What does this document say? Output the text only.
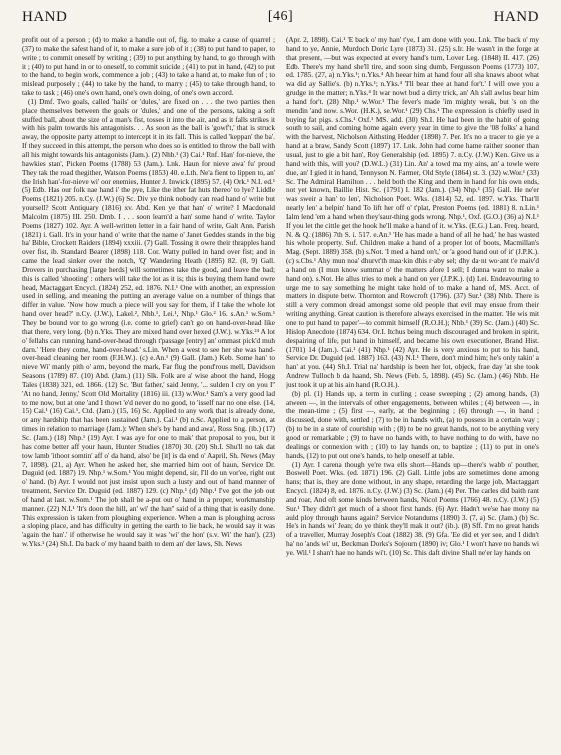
HAND	[46]	HAND

profit out of a person ; (d) to make a handle out of, fig. to make a cause of quarrel ; (37) to make the safest hand of it, to make a sure job of it ; (38) to put hand to paper, to write ; to commit oneself by writing ; (39) to put anything by hand, to go through with it ; (40) to put hand in or to oneself, to commit suicide ; (41) to put in hand, (42) to put to the hand, to begin work, commence a job ; (43) to take a hand at, to make fun of ; to mislead purposely ; (44) to take by the hand, to marry ; (45) to take through hand, to take to task ; (46) one's own hand, one's own doing, of one's own accord.

(1) Dmf. Two goals, called 'hails' or 'dules,' are fixed on . . . the two parties then place themselves between the goals or 'dules,' and one of the persons, taking a soft stuffed ball, about the size of a man's fist, tosses it into the air, and as it falls strikes it with his palm towards his antagonists. . . As soon as the ball is 'gowf't,' that is struck away, the opposite party attempt to intercept it in its fall. This is called 'keppan' the ba'. If they succeed in this attempt, the person who does so is entitled to throw the ball with all his might towards his antagonists (Jam.). (2) Nhb.¹ (3) Cai.¹ Rnf. Han' for-nieve, the hawkies stan', Picken Poems (1788) 53 (Jam.). Lnk. Haun for nieve awa' fu' proud They tak the road thegither, Watson Poems (1853) 40. e.Lth. Ne'a fient to lippen to, an' the Irish han'-for-nieve wi' oor enemies, Hunter J. Inwick (1895) 57. (4) Ork.¹ N.I. ed.¹ (5) Edb. Has our folk nae hand i' the pye, Like the ither fat huts thereo' to lye? Liddle Poems (1821) 205. n.Cy. (J.W.) (6) Sc. Div ye think nobody can read hand o' write but yoursell? Scott Antiquary (1816) xv. Abd. Ken ye that han' o' write? I Macdonald Malcolm (1875) III. 250. Dmb. I . . . soon learn'd a han' some hand o' write. Taylor Poems (1827) 102. Ayr. A well-written letter in a fair hand of write, Galt Ann. Parish (1821) i. Gall. It's in your hand o' write that the name o' Janet Geddes stands in the big ha' Bible, Crockett Raiders (1894) xxxiii. (7) Gall. Tossing it owre their thrapples hand over fist, ib. Standard Bearer (1898) 118. Cor. Watty pulled in hand over fist; and in came the lead sinker over the notch, 'Q' Wandering Heath (1895) 82. (8, 9) Gall. Drovers in purchasing [large herds] will sometimes take the good, and leave the bad; this is called 'shooting' : others will take the lot as it is; this is buying them hand owre head, Mactaggart Encycl. (1824) 252, ed. 1876. N.I.¹ One with another, an expression used in selling, and meaning the putting an average value on a number of things that differ in value. 'Now how much a piece will you say for them, if I take the whole lot hand over head?' n.Cy. (J.W.), Lakel.², Nhb.¹, Lei.¹, Nhp.¹ Glo.² 16. s.An.¹ w.Som.¹ They be bound vor to go wrong (i.e. come to grief) can't go on hand-over-head like that there, very long. (b) n.Yks. They are mixed hand over hexed (J.W.). w.Yks.²⁴ A lot o' fellahs can running hand-over-head through t'passage [entry] an' ommast pick'd muh darn.' 'Here they come, hand-over-head.' s.Lin. When a west to see her she was hand-over-head cleaning her room (F.H.W.). (c) e.An.¹ (9) Gall. (Jam.) Keb. Some han' to nieve Wi' manly pith o' arm, beyond the mark, Far flug the pond'rous mell, Davidson Seasons (1789) 87. (10) Abd. (Jam.) (11) Slk. Folk are a' wise aboot the hand, Hogg Tales (1838) 321, ed. 1866. (12) Sc. 'But father,' said Jenny, '... sulden I cry on you I'' 'At no hand, Jenny,' Scott Old Mortality (1816) iii. (13) w.Wor.¹ Sam's a very good lad to me now, but at one 'and I thowt 'e'd never do no good, to 'isself nar no one else. (14, 15) Cai.¹ (16) Cai.¹, Ctd. (Jam.) (15, 16) Sc. Applied to any work that is already done, or any hardship that has been sustained (Jam.). Cai.¹ (b) n.Sc. Applied to a person, at times in relation to marriage (Jam.): When she's by hand and awa', Ross Sng. (ib.) (17) Sc. (Jam.) (18) Nhp.¹ (19) Ayr. I was aye for one to mak' that proposal to you, but it has come better aff your haun, Hunter Studies (1870) 30. (20) Sh.I. Shu'll no tak dat tow lamb 'ithoot somtin' aff o' da hand, also' be [it] is da end o' Aapril, Sh. News (May 7, 1898). (21, a) Ayr. When he asked her, she married him oot of haun, Service Dr. Duguid (ed. 1887) 19. Nhp.¹ w.Som.¹ You might depend, sir, I'll do un vor'ee, right out o' hand. (b) Ayr. I would not just insist upon such a lusty and out of hand manner of treatment, Service Dr. Duguid (ed. 1887) 129. (c) Nhp.¹ (d) Nhp.¹ I've got the job out of hand at last. w.Som.¹ The job shall be a-put out o' hand in a proper, workmanship manner. (22) N.I.¹ 'It's doon the hill, an' wi' the han'' said of a thing that is easily done. This expression is taken from ploughing experience. When a man is ploughing across a sloping place, and has difficulty in getting the earth to lie back, he would say it was 'again the han'.' if otherwise he would say it was 'wi' the hon' (s.v. Wi' the han'). (23) w.Yks.¹ (24) Sh.I. Da back o' my haand baith to dem an' der laws, Sh. News

(Apr. 2, 1898). Cai.¹ 'E back o' my han' t'ye, I am done with you. Lnk. The back o' my hand to ye, Annie, Murdoch Doric Lyre (1873) 31. (25) s.Ir. He wasn't in the forge at that present, —but was expected at every hand's turn, Lover Leg. (1848) II. 417. (26) Edb. There's my hand she'll tire, and soon sing dumb, Fergusson Poems (1773) 107, ed. 1785. (27, a) n.Yks.¹; n.Yks.⁴ Ah heear him at hand four all sha knaws aboot what wa did ay Sallie's. (b) n.Yks.¹; n.Yks.⁴ 'I'll bear thee at hand for't.' I will owe you a grudge in the matter; n.Yks.⁴ It war nowt bud a dirty trick, an' Ah s'all awlus bear him a hand for't. (28) Nhp.¹ w.Wor.¹ The fever's made 'im mighty weak, but 's on the mendin 'and now. s.Wor. (H.K.), se.Wor.¹ (29) Chs.¹ The expression is chiefly used in buying fat pigs. s.Chs.¹ Oxf.¹ MS. add. (30) Sh.I. He had been in the habit of going south to sail, and coming home again every year in time to give the '08 folks' a hand with the harvest, Nicholson Aithsting Hedder (1898) 7. Per. It's no a tracer to gie ye a hand at a braw, Sandy Scott (1897) 17. Lnk. John had come hame raither sooner than usual, just to gie a bit han', Roy Generalship (ed. 1895) 7. n.Cy. (J.W.) Ken. Give us a hand with this, will you? (D.W.L.) (31) Lin. An' a towd ma my ains, an' a towle were due, an' I gied it in hand, Tennyson N. Farmer, Old Style (1864) st. 3. (32) w.Wor.¹ (33) Sc. The Admiral Hamilton . . . held both the King and them in hand for his own ends, not yet known, Baillie Hist. Sc. (1791) I. 182 (Jam.). (34) Nhp.¹ (35) Gall. He ne'er was sweir a han' to len', Nicholson Poet. Wks. (1814) 52, ed. 1897. w.Yks. That'll nearly len' a helpin' hand To lift her off o' t'plat, Preston Poems (ed. 1881) 8. n.Lin.¹ Ialm lend 'em a hand when they'saur-thing gods wrong. Nhp.¹, Oxf. (G.O.) (36) a) N.I.¹ If you let the cittle get the hook he'll make a hand of it. w.Yks. (E.G.) Lan. Freq. heard, N. & Q. (1886) 7th S. i. 517. e.An.¹ 'He has made a hand of all he had,' he has wasted his whole property. Suf. Children make a hand of a proper lot of boots, Macmillan's Mag. (Sept. 1889) 358. (b) s.Not. 'I med a hand on't,' or 'a good hand out of it' (J.P.K.). (c) s.Cbs.¹ Ahy mun noa' dhurvt'th maa·kin dhis r·aby sel; dhy da·nt wo·ant t'e maiv'd a hand on (I mun know summat o' the matters afore I sell; I dunna want to make a hand on). s.Not. He allus tries to mek a hand on yer (J.P.K.). (d) Lei. Endeavouring to urge me to say something he might take hold of to make a hand of, MS. Acct. of matters in dispute betw. Thornton and Rowcroft (1796). (37) Sur.¹ (38) Nhb. There is still a very common dread amongst some old people that evil may ensue from their writing anything. Great caution is therefore always exercised in the matter. 'He wis mit one to put hand to paper'—to commit himself (R.O.H.); Nhb.¹ (39) Sc. (Jam.) (40) Sc. Hislop Anecdote (1874) 634. Or.I. Itchus being much discouraged and broken in spirit, despairing of life, put hand in himself, and became his own executioner, Brand Hist. (1701) 14 (Jam.). Cai.¹ (41) Nhp.¹ (42) Ayr. He is very anxious to put to his hand, Service Dr. Duguid (ed. 1887) 163. (43) N.I.¹ There, don't mind him; he's only takin' a han' at you. (44) Sh.I. Trial na' hardship is been her lot, objeck, frae day 'at she took Andrew Tulloch b da haand, Sh. News (Feb. 5, 1898). (45) Sc. (Jam.) (46) Nhb. He just took it up at his ain hand (R.O.H.).

(b) pl. (1) Hands up, a term in curling ; cease sweeping ; (2) among hands, (3) atween —, in the intervals of other engagements, between whiles ; (4) between —, in the mean-time ; (5) first —, early, at the beginning ; (6) through —, in hand ; discussed, done with, settled ; (7) to be in hands with, (a) to possess in a certain way ; (b) to be in a state of courtship with ; (8) to be no great hands, not to be anything very good or remarkable ; (9) to have no hands with, to have nothing to do with, have no dealings or connexion with ; (10) to lay hands on, to baptize ; (11) to put in one's hands, (12) to put out one's hands, to help oneself at table.

(1) Ayr. I carena though ye're twa ells short—Hands up—there's wabb o' pouther, Boswell Poet. Wks. (ed. 1871) 196. (2) Gall. Little jobs are sometimes done among hans; that is, they are done without, in any shape, retarding the large job, Mactaggart Encycl. (1824) 8, ed. 1876. n.Cy. (J.W.) (3) Sc. (Jam.) (4) Per. The carles did baith rant and roar, And oft some kinds between hands, Nicol Poems (1766) 48. n.Cy. (J.W.) (5) Sur.¹ They didn't get much of a shoot first hands. (6) Ayr. Hadn't we'se hae mony na auld ploy through hauns again? Service Notandums (1890) 3. (7, a) Sc. (Jam.) (b) Sc. He's in hands wi' Jean; do ye think they'll mak it out? (ib.). (8) Sff. I'm no great hands of a traveller, Murray Joseph's Coat (1882) 38. (9) Gfa. 'Ee did et yer see, and I didn't ha' no 'ands wi' ut, Beckman Dorks's Sojourn (1890) iv; Glo.¹ I won't have no hands wi ye. Wil.¹ I shan't hae no hands wi't. (10) Sc. This daft divine Shall ne'er lay hands on
